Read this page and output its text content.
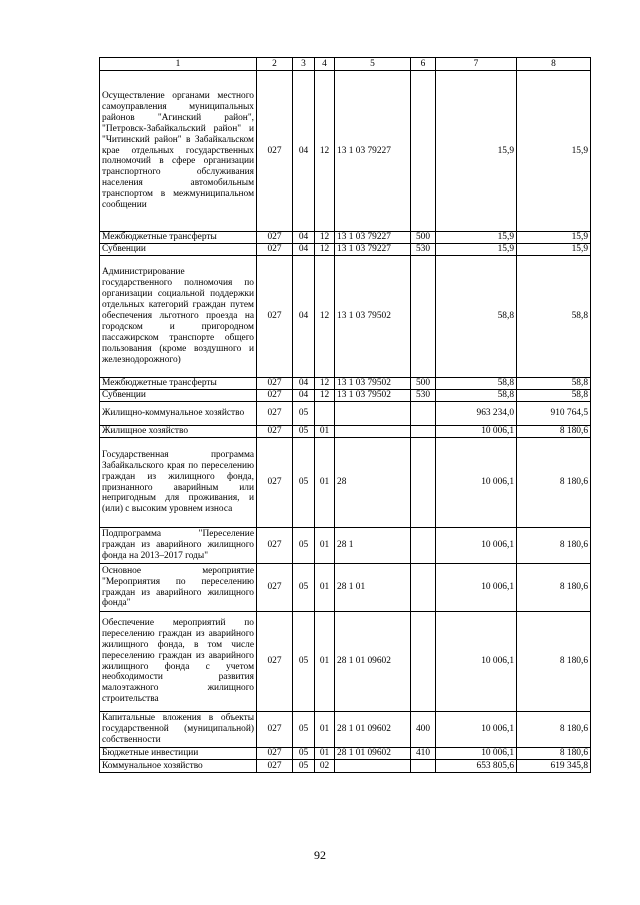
1	2	3	4	5	6	7	8
Осуществление органами местного самоуправления муниципальных районов "Агинский район", "Петровск-Забайкальский район" и "Читинский район" в Забайкальском крае отдельных государственных полномочий в сфере организации транспортного обслуживания населения автомобильным транспортом в межмуниципальном сообщении	027	04	12	13 1 03 79227		15,9	15,9
Межбюджетные трансферты	027	04	12	13 1 03 79227	500	15,9	15,9
Субвенции	027	04	12	13 1 03 79227	530	15,9	15,9
Администрирование государственного полномочия по организации социальной поддержки отдельных категорий граждан путем обеспечения льготного проезда на городском и пригородном пассажирском транспорте общего пользования (кроме воздушного и железнодорожного)	027	04	12	13 1 03 79502		58,8	58,8
Межбюджетные трансферты	027	04	12	13 1 03 79502	500	58,8	58,8
Субвенции	027	04	12	13 1 03 79502	530	58,8	58,8
Жилищно-коммунальное хозяйство	027	05				963 234,0	910 764,5
Жилищное хозяйство	027	05	01			10 006,1	8 180,6
Государственная программа Забайкальского края по переселению граждан из жилищного фонда, признанного аварийным или непригодным для проживания, и (или) с высоким уровнем износа	027	05	01	28		10 006,1	8 180,6
Подпрограмма "Переселение граждан из аварийного жилищного фонда на 2013–2017 годы"	027	05	01	28 1		10 006,1	8 180,6
Основное мероприятие "Мероприятия по переселению граждан из аварийного жилищного фонда"	027	05	01	28 1 01		10 006,1	8 180,6
Обеспечение мероприятий по переселению граждан из аварийного жилищного фонда, в том числе переселению граждан из аварийного жилищного фонда с учетом необходимости развития малоэтажного жилищного строительства	027	05	01	28 1 01 09602		10 006,1	8 180,6
Капитальные вложения в объекты государственной (муниципальной) собственности	027	05	01	28 1 01 09602	400	10 006,1	8 180,6
Бюджетные инвестиции	027	05	01	28 1 01 09602	410	10 006,1	8 180,6
Коммунальное хозяйство	027	05	02			653 805,6	619 345,8
92
